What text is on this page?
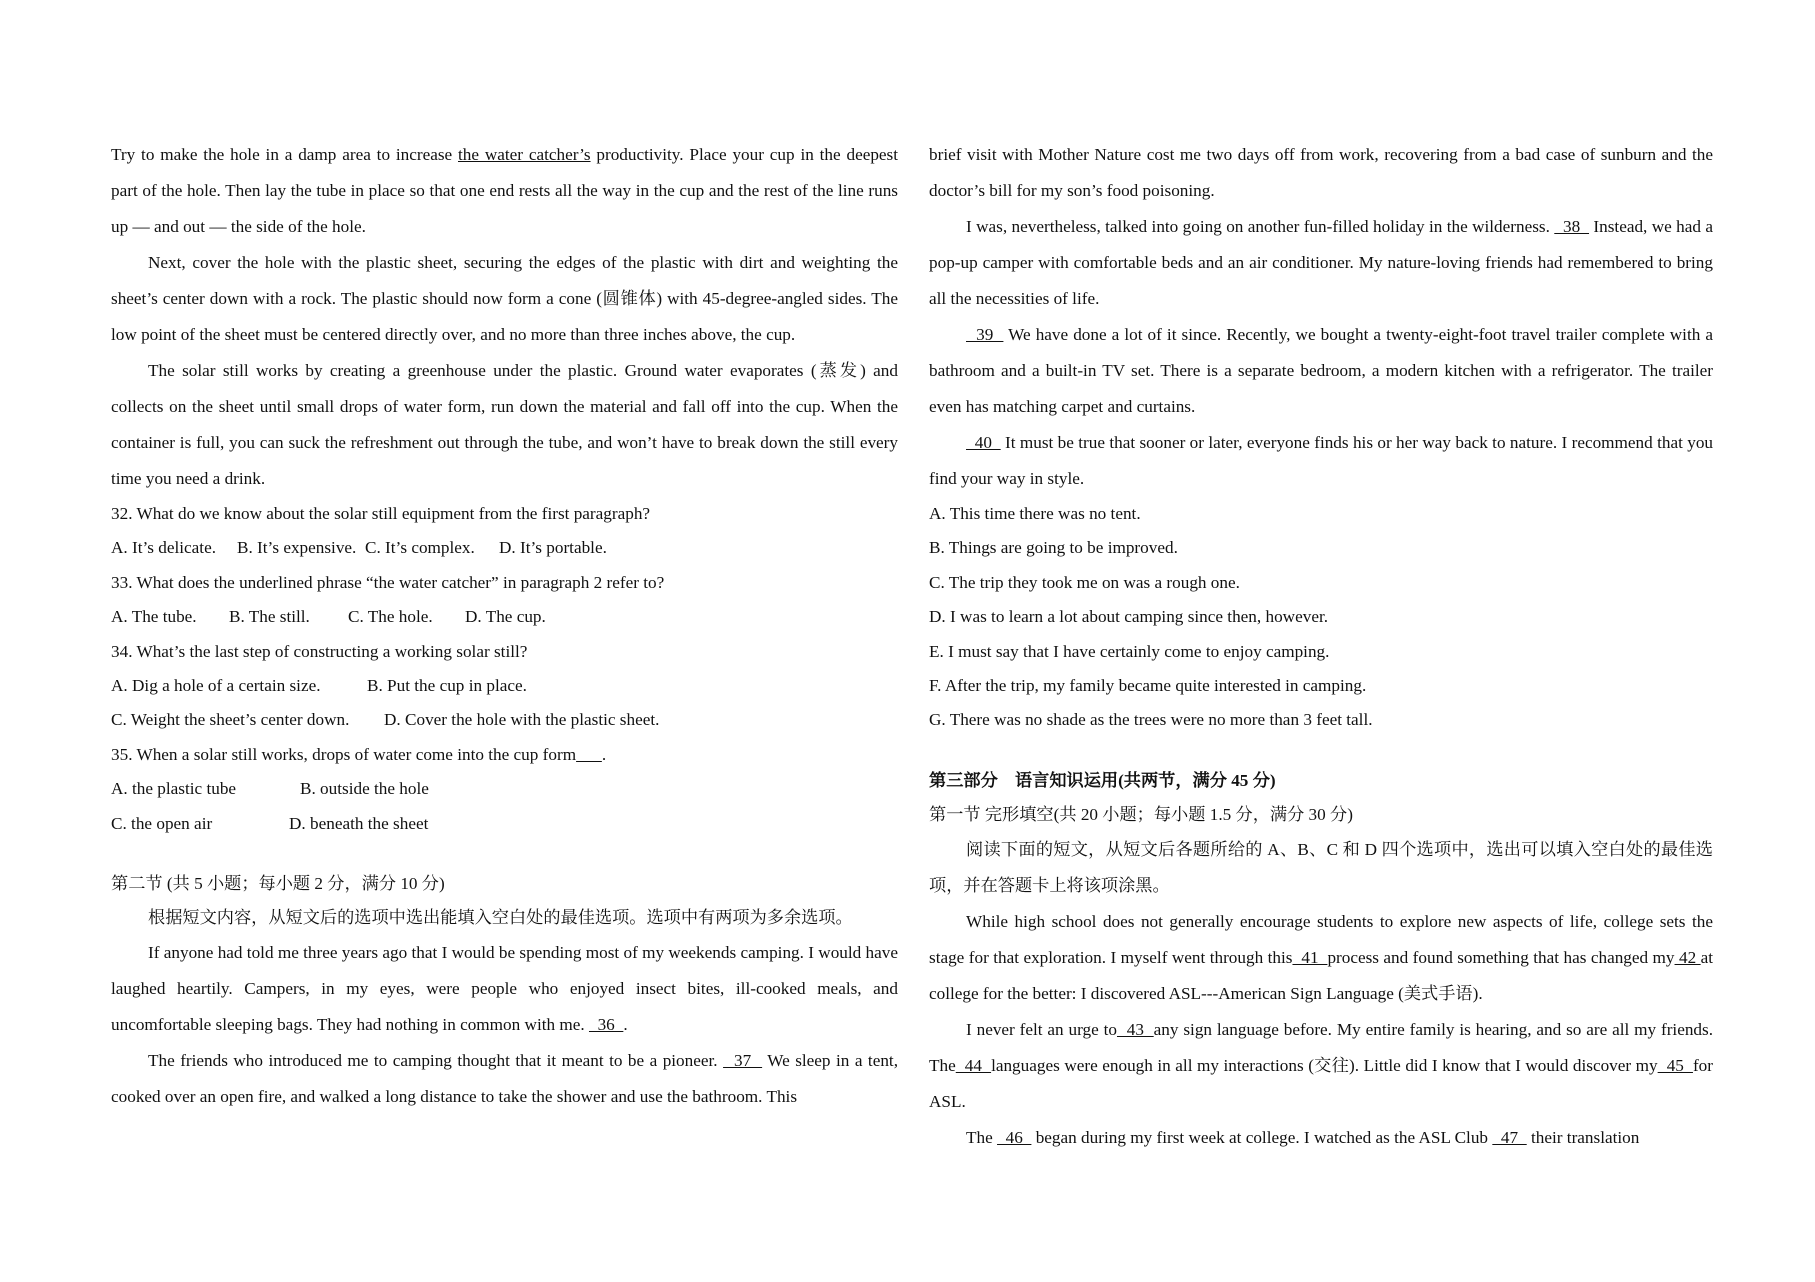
Try to make the hole in a damp area to increase the water catcher’s productivity. Place your cup in the deepest part of the hole. Then lay the tube in place so that one end rests all the way in the cup and the rest of the line runs up — and out — the side of the hole.

Next, cover the hole with the plastic sheet, securing the edges of the plastic with dirt and weighting the sheet’s center down with a rock. The plastic should now form a cone (圆锥体) with 45-degree-angled sides. The low point of the sheet must be centered directly over, and no more than three inches above, the cup.

The solar still works by creating a greenhouse under the plastic. Ground water evaporates (蒸发) and collects on the sheet until small drops of water form, run down the material and fall off into the cup. When the container is full, you can suck the refreshment out through the tube, and won’t have to break down the still every time you need a drink.

32. What do we know about the solar still equipment from the first paragraph?

A. It’s delicate. B. It’s expensive. C. It’s complex. D. It’s portable.

33. What does the underlined phrase “the water catcher” in paragraph 2 refer to?

A. The tube. B. The still. C. The hole. D. The cup.

34. What’s the last step of constructing a working solar still?

A. Dig a hole of a certain size.	B. Put the cup in place.

C. Weight the sheet’s center down. D. Cover the hole with the plastic sheet.

35. When a solar still works, drops of water come into the cup form .

A. the plastic tube	B. outside the hole

C. the open air	D. beneath the sheet

第二节 (共 5 小题；每小题 2 分，满分 10 分)

根据短文内容，从短文后的选项中选出能填入空白处的最佳选项。选项中有两项为多余选项。

If anyone had told me three years ago that I would be spending most of my weekends camping. I would have laughed heartily. Campers, in my eyes, were people who enjoyed insect bites, ill-cooked meals, and uncomfortable sleeping bags. They had nothing in common with me.   36  .

The friends who introduced me to camping thought that it meant to be a pioneer.   37   We sleep in a tent, cooked over an open fire, and walked a long distance to take the shower and use the bathroom. This

brief visit with Mother Nature cost me two days off from work, recovering from a bad case of sunburn and the doctor’s bill for my son’s food poisoning.

I was, nevertheless, talked into going on another fun-filled holiday in the wilderness.   38   Instead, we had a pop-up camper with comfortable beds and an air conditioner. My nature-loving friends had remembered to bring all the necessities of life.

39   We have done a lot of it since. Recently, we bought a twenty-eight-foot travel trailer complete with a bathroom and a built-in TV set. There is a separate bedroom, a modern kitchen with a refrigerator. The trailer even has matching carpet and curtains.

40   It must be true that sooner or later, everyone finds his or her way back to nature. I recommend that you find your way in style.

A. This time there was no tent.

B. Things are going to be improved.

C. The trip they took me on was a rough one.

D. I was to learn a lot about camping since then, however.

E. I must say that I have certainly come to enjoy camping.

F. After the trip, my family became quite interested in camping.

G. There was no shade as the trees were no more than 3 feet tall.

第三部分　语言知识运用(共两节，满分 45 分)

第一节 完形填空(共 20 小题；每小题 1.5 分，满分 30 分)

阅读下面的短文，从短文后各题所给的 A、B、C 和 D 四个选项中，选出可以填入空白处的最佳选项，并在答题卡上将该项涂黑。

While high school does not generally encourage students to explore new aspects of life, college sets the stage for that exploration. I myself went through this  41  process and found something that has changed my 42 at college for the better: I discovered ASL---American Sign Language (美式手语).

I never felt an urge to  43  any sign language before. My entire family is hearing, and so are all my friends. The  44  languages were enough in all my interactions (交往). Little did I know that I would discover my  45  for ASL.

The   46   began during my first week at college. I watched as the ASL Club   47   their translation
